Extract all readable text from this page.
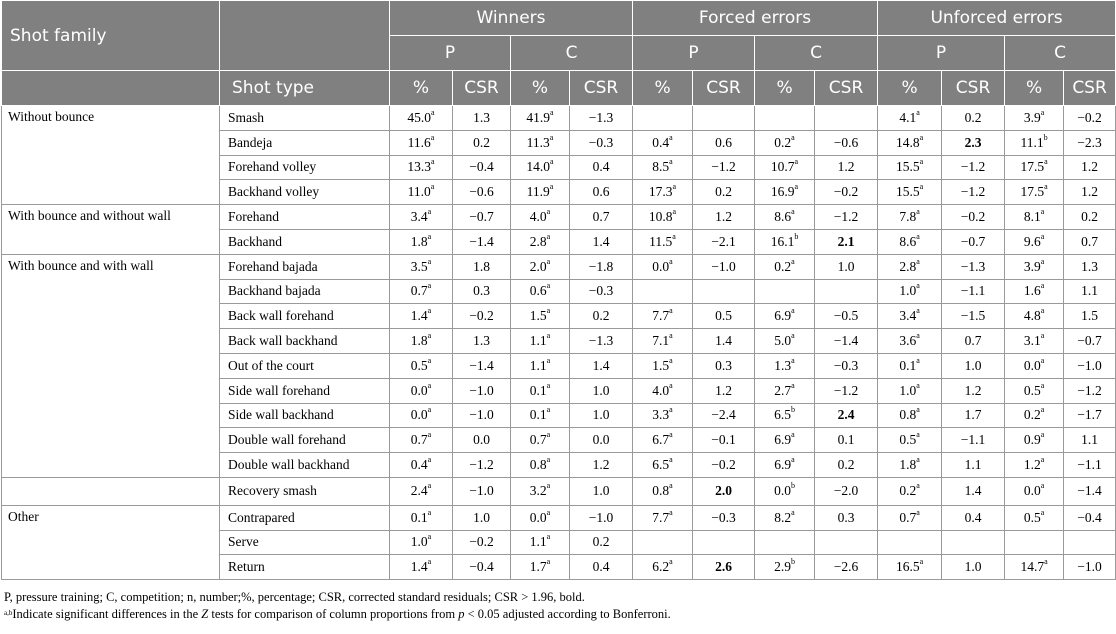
Shot family		Winners				Forced errors				Unforced errors			
		P		C		P		C		P		C	
	Shot type	%	CSR	%	CSR	%	CSR	%	CSR	%	CSR	%	CSR
Without bounce	Smash	45.0$^a$	1.3	41.9$^a$	−1.3					4.1$^a$	0.2	3.9$^a$	−0.2
	Bandeja	11.6$^a$	0.2	11.3$^a$	−0.3	0.4$^a$	0.6	0.2$^a$	−0.6	14.8$^a$	2.3	11.1$^b$	−2.3
	Forehand volley	13.3$^a$	−0.4	14.0$^a$	0.4	8.5$^a$	−1.2	10.7$^a$	1.2	15.5$^a$	−1.2	17.5$^a$	1.2
	Backhand volley	11.0$^a$	−0.6	11.9$^a$	0.6	17.3$^a$	0.2	16.9$^a$	−0.2	15.5$^a$	−1.2	17.5$^a$	1.2
With bounce and without wall	Forehand	3.4$^a$	−0.7	4.0$^a$	0.7	10.8$^a$	1.2	8.6$^a$	−1.2	7.8$^a$	−0.2	8.1$^a$	0.2
	Backhand	1.8$^a$	−1.4	2.8$^a$	1.4	11.5$^a$	−2.1	16.1$^b$	2.1	8.6$^a$	−0.7	9.6$^a$	0.7
With bounce and with wall	Forehand bajada	3.5$^a$	1.8	2.0$^a$	−1.8	0.0$^a$	−1.0	0.2$^a$	1.0	2.8$^a$	−1.3	3.9$^a$	1.3
	Backhand bajada	0.7$^a$	0.3	0.6$^a$	−0.3					1.0$^a$	−1.1	1.6$^a$	1.1
	Back wall forehand	1.4$^a$	−0.2	1.5$^a$	0.2	7.7$^a$	0.5	6.9$^a$	−0.5	3.4$^a$	−1.5	4.8$^a$	1.5
	Back wall backhand	1.8$^a$	1.3	1.1$^a$	−1.3	7.1$^a$	1.4	5.0$^a$	−1.4	3.6$^a$	0.7	3.1$^a$	−0.7
	Out of the court	0.5$^a$	−1.4	1.1$^a$	1.4	1.5$^a$	0.3	1.3$^a$	−0.3	0.1$^a$	1.0	0.0$^a$	−1.0
	Side wall forehand	0.0$^a$	−1.0	0.1$^a$	1.0	4.0$^a$	1.2	2.7$^a$	−1.2	1.0$^a$	1.2	0.5$^a$	−1.2
	Side wall backhand	0.0$^a$	−1.0	0.1$^a$	1.0	3.3$^a$	−2.4	6.5$^b$	2.4	0.8$^a$	1.7	0.2$^a$	−1.7
	Double wall forehand	0.7$^a$	0.0	0.7$^a$	0.0	6.7$^a$	−0.1	6.9$^a$	0.1	0.5$^a$	−1.1	0.9$^a$	1.1
	Double wall backhand	0.4$^a$	−1.2	0.8$^a$	1.2	6.5$^a$	−0.2	6.9$^a$	0.2	1.8$^a$	1.1	1.2$^a$	−1.1
	Recovery smash	2.4$^a$	−1.0	3.2$^a$	1.0	0.8$^a$	2.0	0.0$^b$	−2.0	0.2$^a$	1.4	0.0$^a$	−1.4
Other	Contrapared	0.1$^a$	1.0	0.0$^a$	−1.0	7.7$^a$	−0.3	8.2$^a$	0.3	0.7$^a$	0.4	0.5$^a$	−0.4
	Serve	1.0$^a$	−0.2	1.1$^a$	0.2								
	Return	1.4$^a$	−0.4	1.7$^a$	0.4	6.2$^a$	2.6	2.9$^b$	−2.6	16.5$^a$	1.0	14.7$^a$	−1.0

P, pressure training; C, competition; n, number;%, percentage; CSR, corrected standard residuals; CSR > 1.96, bold.

$^{a,b}$Indicate significant differences in the Z tests for comparison of column proportions from p < 0.05 adjusted according to Bonferroni.
